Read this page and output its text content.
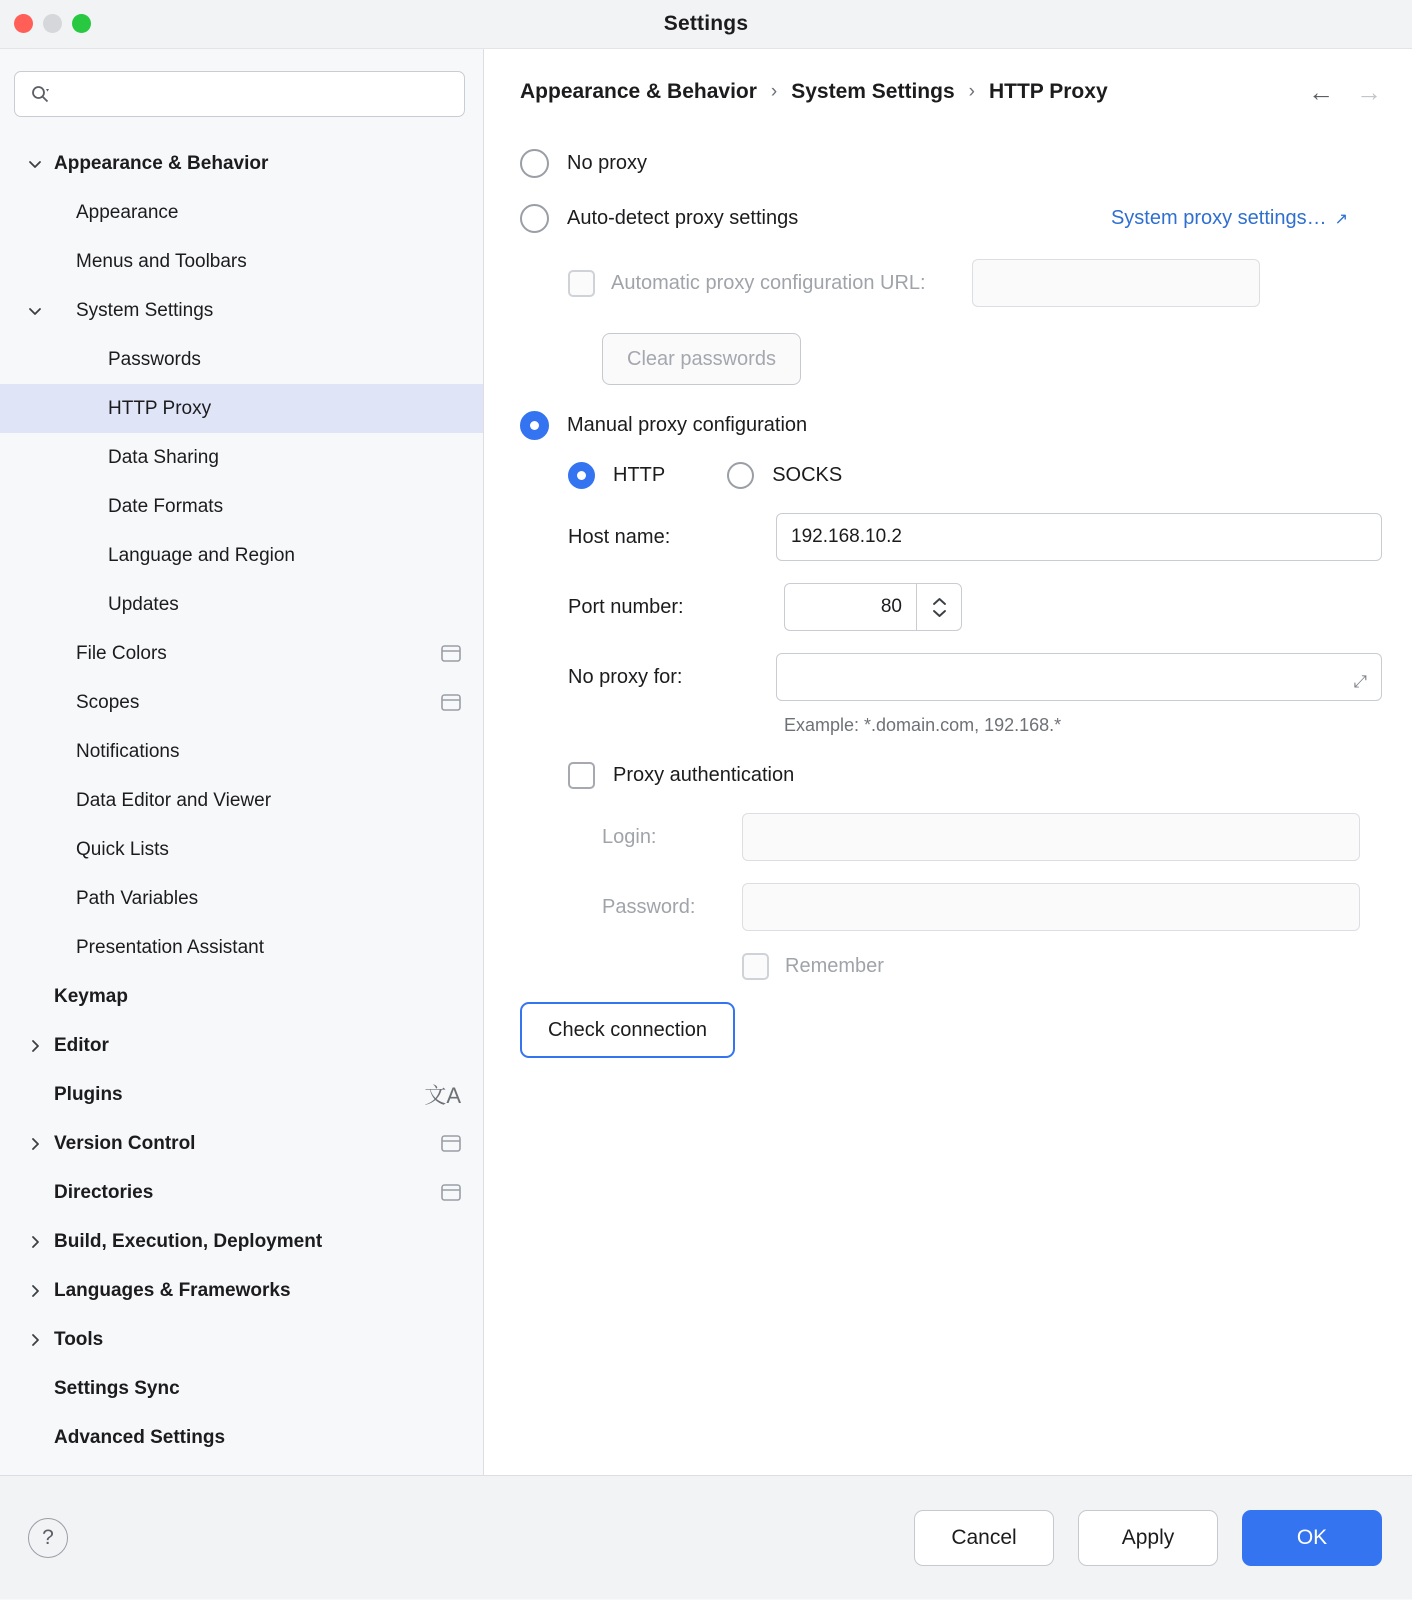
Settings
Appearance & Behavior
Appearance
Menus and Toolbars
System Settings
Passwords
HTTP Proxy
Data Sharing
Date Formats
Language and Region
Updates
File Colors
Scopes
Notifications
Data Editor and Viewer
Quick Lists
Path Variables
Presentation Assistant
Keymap
Editor
Plugins	文A
Version Control
Directories
Build, Execution, Deployment
Languages & Frameworks
Tools
Settings Sync
Advanced Settings
Appearance & Behavior › System Settings › HTTP Proxy	← →
No proxy
Auto-detect proxy settings	System proxy settings… ↗
Automatic proxy configuration URL:
Clear passwords
Manual proxy configuration
HTTP	SOCKS
Host name:	192.168.10.2
Port number:	80
No proxy for:	⤢
Example: *.domain.com, 192.168.*
Proxy authentication
Login:
Password:
Remember
Check connection
?	Cancel	Apply	OK
